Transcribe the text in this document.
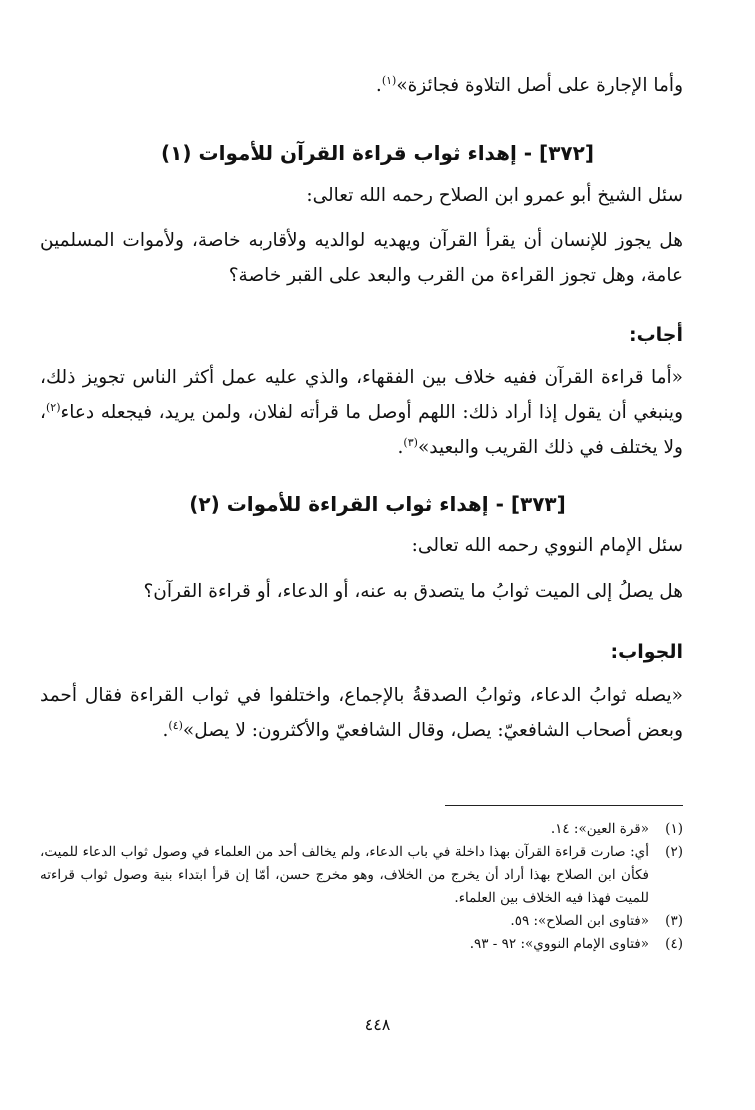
وأما الإجارة على أصل التلاوة فجائزة»$^{(١)}$.
[٣٧٢] - إهداء ثواب قراءة القرآن للأموات (١)
سئل الشيخ أبو عمرو ابن الصلاح رحمه الله تعالى:
هل يجوز للإنسان أن يقرأ القرآن ويهديه لوالديه ولأقاربه خاصة، ولأموات المسلمين عامة، وهل تجوز القراءة من القرب والبعد على القبر خاصة؟
أجاب:
«أما قراءة القرآن ففيه خلاف بين الفقهاء، والذي عليه عمل أكثر الناس تجويز ذلك، وينبغي أن يقول إذا أراد ذلك: اللهم أوصل ما قرأته لفلان، ولمن يريد، فيجعله دعاء$^{(٢)}$، ولا يختلف في ذلك القريب والبعيد»$^{(٣)}$.
[٣٧٣] - إهداء ثواب القراءة للأموات (٢)
سئل الإمام النووي رحمه الله تعالى:
هل يصلُ إلى الميت ثوابُ ما يتصدق به عنه، أو الدعاء، أو قراءة القرآن؟
الجواب:
«يصله ثوابُ الدعاء، وثوابُ الصدقةُ بالإجماع، واختلفوا في ثواب القراءة فقال أحمد وبعض أصحاب الشافعيّ: يصل، وقال الشافعيّ والأكثرون: لا يصل»$^{(٤)}$.
(١)
«قرة العين»: ١٤.
(٢)
أي: صارت قراءة القرآن بهذا داخلة في باب الدعاء، ولم يخالف أحد من العلماء في وصول ثواب الدعاء للميت، فكأن ابن الصلاح بهذا أراد أن يخرج من الخلاف، وهو مخرج حسن، أمّا إن قرأ ابتداء بنية وصول ثواب قراءته للميت فهذا فيه الخلاف بين العلماء.
(٣)
«فتاوى ابن الصلاح»: ٥٩.
(٤)
«فتاوى الإمام النووي»: ٩٢ - ٩٣.
٤٤٨
